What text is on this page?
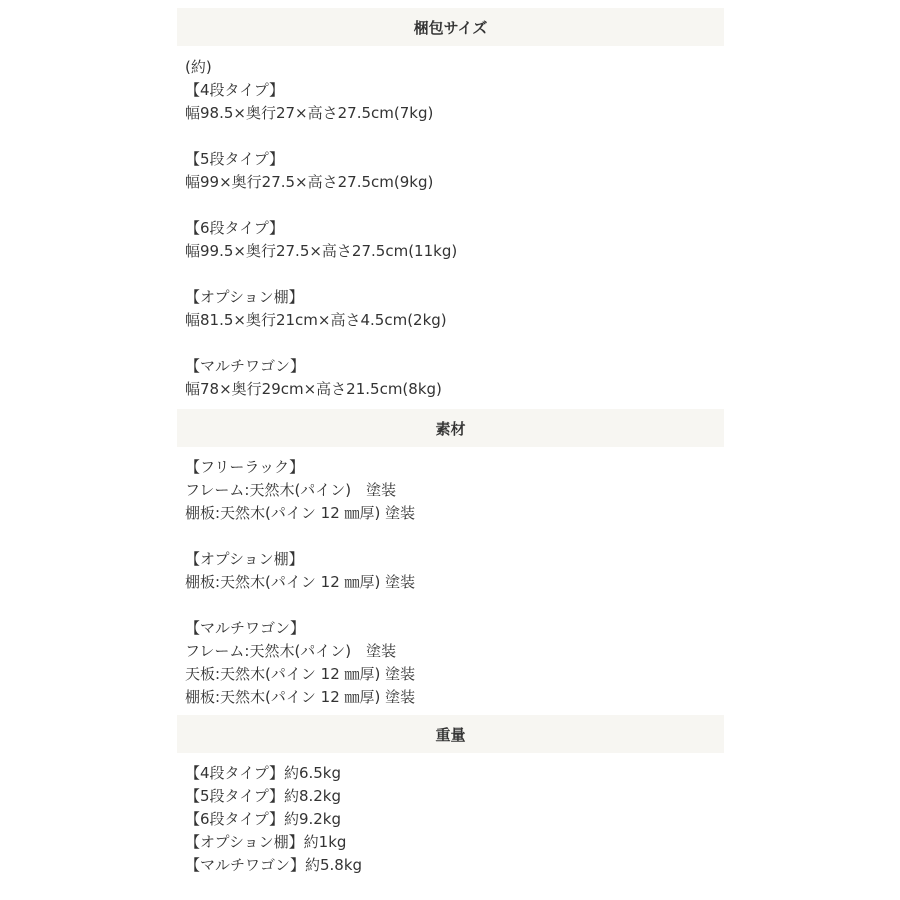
梱包サイズ
(約)
【4段タイプ】
幅98.5×奥行27×高さ27.5cm(7kg)
【5段タイプ】
幅99×奥行27.5×高さ27.5cm(9kg)
【6段タイプ】
幅99.5×奥行27.5×高さ27.5cm(11kg)
【オプション棚】
幅81.5×奥行21cm×高さ4.5cm(2kg)
【マルチワゴン】
幅78×奥行29cm×高さ21.5cm(8kg)
素材
【フリーラック】
フレーム:天然木(パイン)　塗装
棚板:天然木(パイン 12 ㎜厚) 塗装
【オプション棚】
棚板:天然木(パイン 12 ㎜厚) 塗装
【マルチワゴン】
フレーム:天然木(パイン)　塗装
天板:天然木(パイン 12 ㎜厚) 塗装
棚板:天然木(パイン 12 ㎜厚) 塗装
重量
【4段タイプ】約6.5kg
【5段タイプ】約8.2kg
【6段タイプ】約9.2kg
【オプション棚】約1kg
【マルチワゴン】約5.8kg
